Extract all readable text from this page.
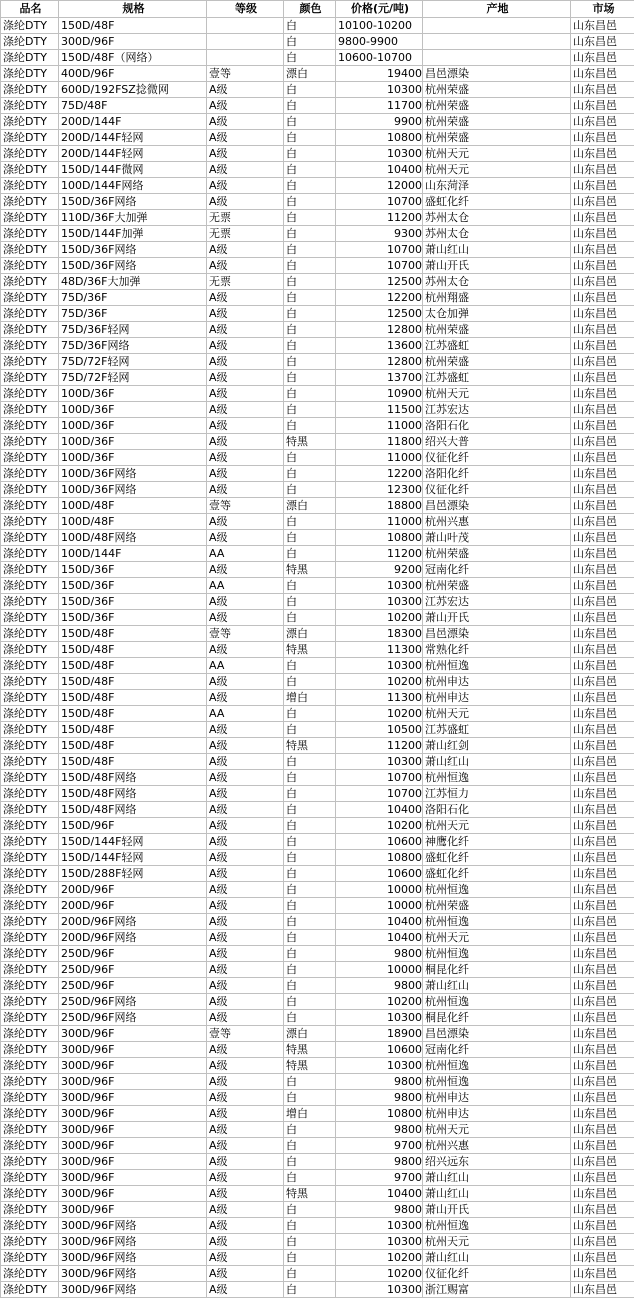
品名	规格	等级	颜色	价格(元/吨)	产地	市场
涤纶DTY	150D/48F		白	10100-10200		山东昌邑
涤纶DTY	300D/96F		白	9800-9900		山东昌邑
涤纶DTY	150D/48F（网络）		白	10600-10700		山东昌邑
涤纶DTY	400D/96F	壹等	漂白	19400	昌邑漂染	山东昌邑
涤纶DTY	600D/192FSZ捻微网	A级	白	10300	杭州荣盛	山东昌邑
涤纶DTY	75D/48F	A级	白	11700	杭州荣盛	山东昌邑
涤纶DTY	200D/144F	A级	白	9900	杭州荣盛	山东昌邑
涤纶DTY	200D/144F轻网	A级	白	10800	杭州荣盛	山东昌邑
涤纶DTY	200D/144F轻网	A级	白	10300	杭州天元	山东昌邑
涤纶DTY	150D/144F微网	A级	白	10400	杭州天元	山东昌邑
涤纶DTY	100D/144F网络	A级	白	12000	山东菏泽	山东昌邑
涤纶DTY	150D/36F网络	A级	白	10700	盛虹化纤	山东昌邑
涤纶DTY	110D/36F大加弹	无票	白	11200	苏州太仓	山东昌邑
涤纶DTY	150D/144F加弹	无票	白	9300	苏州太仓	山东昌邑
涤纶DTY	150D/36F网络	A级	白	10700	萧山红山	山东昌邑
涤纶DTY	150D/36F网络	A级	白	10700	萧山开氏	山东昌邑
涤纶DTY	48D/36F大加弹	无票	白	12500	苏州太仓	山东昌邑
涤纶DTY	75D/36F	A级	白	12200	杭州翔盛	山东昌邑
涤纶DTY	75D/36F	A级	白	12500	太仓加弹	山东昌邑
涤纶DTY	75D/36F轻网	A级	白	12800	杭州荣盛	山东昌邑
涤纶DTY	75D/36F网络	A级	白	13600	江苏盛虹	山东昌邑
涤纶DTY	75D/72F轻网	A级	白	12800	杭州荣盛	山东昌邑
涤纶DTY	75D/72F轻网	A级	白	13700	江苏盛虹	山东昌邑
涤纶DTY	100D/36F	A级	白	10900	杭州天元	山东昌邑
涤纶DTY	100D/36F	A级	白	11500	江苏宏达	山东昌邑
涤纶DTY	100D/36F	A级	白	11000	洛阳石化	山东昌邑
涤纶DTY	100D/36F	A级	特黑	11800	绍兴大普	山东昌邑
涤纶DTY	100D/36F	A级	白	11000	仪征化纤	山东昌邑
涤纶DTY	100D/36F网络	A级	白	12200	洛阳化纤	山东昌邑
涤纶DTY	100D/36F网络	A级	白	12300	仪征化纤	山东昌邑
涤纶DTY	100D/48F	壹等	漂白	18800	昌邑漂染	山东昌邑
涤纶DTY	100D/48F	A级	白	11000	杭州兴惠	山东昌邑
涤纶DTY	100D/48F网络	A级	白	10800	萧山叶茂	山东昌邑
涤纶DTY	100D/144F	AA	白	11200	杭州荣盛	山东昌邑
涤纶DTY	150D/36F	A级	特黑	9200	冠南化纤	山东昌邑
涤纶DTY	150D/36F	AA	白	10300	杭州荣盛	山东昌邑
涤纶DTY	150D/36F	A级	白	10300	江苏宏达	山东昌邑
涤纶DTY	150D/36F	A级	白	10200	萧山开氏	山东昌邑
涤纶DTY	150D/48F	壹等	漂白	18300	昌邑漂染	山东昌邑
涤纶DTY	150D/48F	A级	特黑	11300	常熟化纤	山东昌邑
涤纶DTY	150D/48F	AA	白	10300	杭州恒逸	山东昌邑
涤纶DTY	150D/48F	A级	白	10200	杭州申达	山东昌邑
涤纶DTY	150D/48F	A级	增白	11300	杭州申达	山东昌邑
涤纶DTY	150D/48F	AA	白	10200	杭州天元	山东昌邑
涤纶DTY	150D/48F	A级	白	10500	江苏盛虹	山东昌邑
涤纶DTY	150D/48F	A级	特黑	11200	萧山红剑	山东昌邑
涤纶DTY	150D/48F	A级	白	10300	萧山红山	山东昌邑
涤纶DTY	150D/48F网络	A级	白	10700	杭州恒逸	山东昌邑
涤纶DTY	150D/48F网络	A级	白	10700	江苏恒力	山东昌邑
涤纶DTY	150D/48F网络	A级	白	10400	洛阳石化	山东昌邑
涤纶DTY	150D/96F	A级	白	10200	杭州天元	山东昌邑
涤纶DTY	150D/144F轻网	A级	白	10600	神鹰化纤	山东昌邑
涤纶DTY	150D/144F轻网	A级	白	10800	盛虹化纤	山东昌邑
涤纶DTY	150D/288F轻网	A级	白	10600	盛虹化纤	山东昌邑
涤纶DTY	200D/96F	A级	白	10000	杭州恒逸	山东昌邑
涤纶DTY	200D/96F	A级	白	10000	杭州荣盛	山东昌邑
涤纶DTY	200D/96F网络	A级	白	10400	杭州恒逸	山东昌邑
涤纶DTY	200D/96F网络	A级	白	10400	杭州天元	山东昌邑
涤纶DTY	250D/96F	A级	白	9800	杭州恒逸	山东昌邑
涤纶DTY	250D/96F	A级	白	10000	桐昆化纤	山东昌邑
涤纶DTY	250D/96F	A级	白	9800	萧山红山	山东昌邑
涤纶DTY	250D/96F网络	A级	白	10200	杭州恒逸	山东昌邑
涤纶DTY	250D/96F网络	A级	白	10300	桐昆化纤	山东昌邑
涤纶DTY	300D/96F	壹等	漂白	18900	昌邑漂染	山东昌邑
涤纶DTY	300D/96F	A级	特黑	10600	冠南化纤	山东昌邑
涤纶DTY	300D/96F	A级	特黑	10300	杭州恒逸	山东昌邑
涤纶DTY	300D/96F	A级	白	9800	杭州恒逸	山东昌邑
涤纶DTY	300D/96F	A级	白	9800	杭州申达	山东昌邑
涤纶DTY	300D/96F	A级	增白	10800	杭州申达	山东昌邑
涤纶DTY	300D/96F	A级	白	9800	杭州天元	山东昌邑
涤纶DTY	300D/96F	A级	白	9700	杭州兴惠	山东昌邑
涤纶DTY	300D/96F	A级	白	9800	绍兴远东	山东昌邑
涤纶DTY	300D/96F	A级	白	9700	萧山红山	山东昌邑
涤纶DTY	300D/96F	A级	特黑	10400	萧山红山	山东昌邑
涤纶DTY	300D/96F	A级	白	9800	萧山开氏	山东昌邑
涤纶DTY	300D/96F网络	A级	白	10300	杭州恒逸	山东昌邑
涤纶DTY	300D/96F网络	A级	白	10300	杭州天元	山东昌邑
涤纶DTY	300D/96F网络	A级	白	10200	萧山红山	山东昌邑
涤纶DTY	300D/96F网络	A级	白	10200	仪征化纤	山东昌邑
涤纶DTY	300D/96F网络	A级	白	10300	浙江赐富	山东昌邑
